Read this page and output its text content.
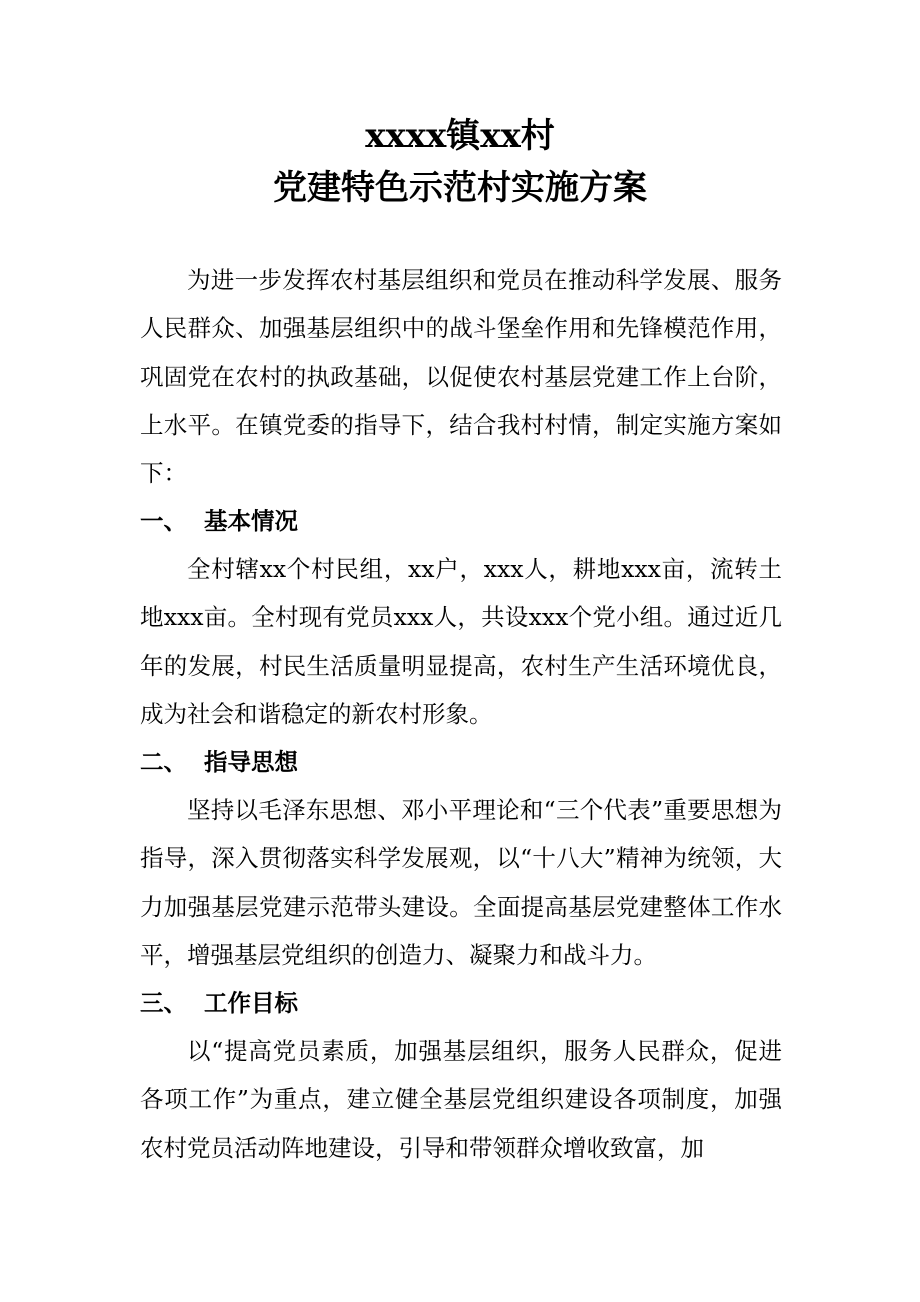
xxxx镇xx村
党建特色示范村实施方案

为进一步发挥农村基层组织和党员在推动科学发展、服务人民群众、加强基层组织中的战斗堡垒作用和先锋模范作用，巩固党在农村的执政基础，以促使农村基层党建工作上台阶，上水平。在镇党委的指导下，结合我村村情，制定实施方案如下：

一、 基本情况

全村辖xx个村民组，xx户，xxx人，耕地xxx亩，流转土地xxx亩。全村现有党员xxx人，共设xxx个党小组。通过近几年的发展，村民生活质量明显提高，农村生产生活环境优良，成为社会和谐稳定的新农村形象。

二、 指导思想

坚持以毛泽东思想、邓小平理论和“三个代表”重要思想为指导，深入贯彻落实科学发展观，以“十八大”精神为统领，大力加强基层党建示范带头建设。全面提高基层党建整体工作水平，增强基层党组织的创造力、凝聚力和战斗力。

三、 工作目标

以“提高党员素质，加强基层组织，服务人民群众，促进各项工作”为重点，建立健全基层党组织建设各项制度，加强农村党员活动阵地建设，引导和带领群众增收致富，加
